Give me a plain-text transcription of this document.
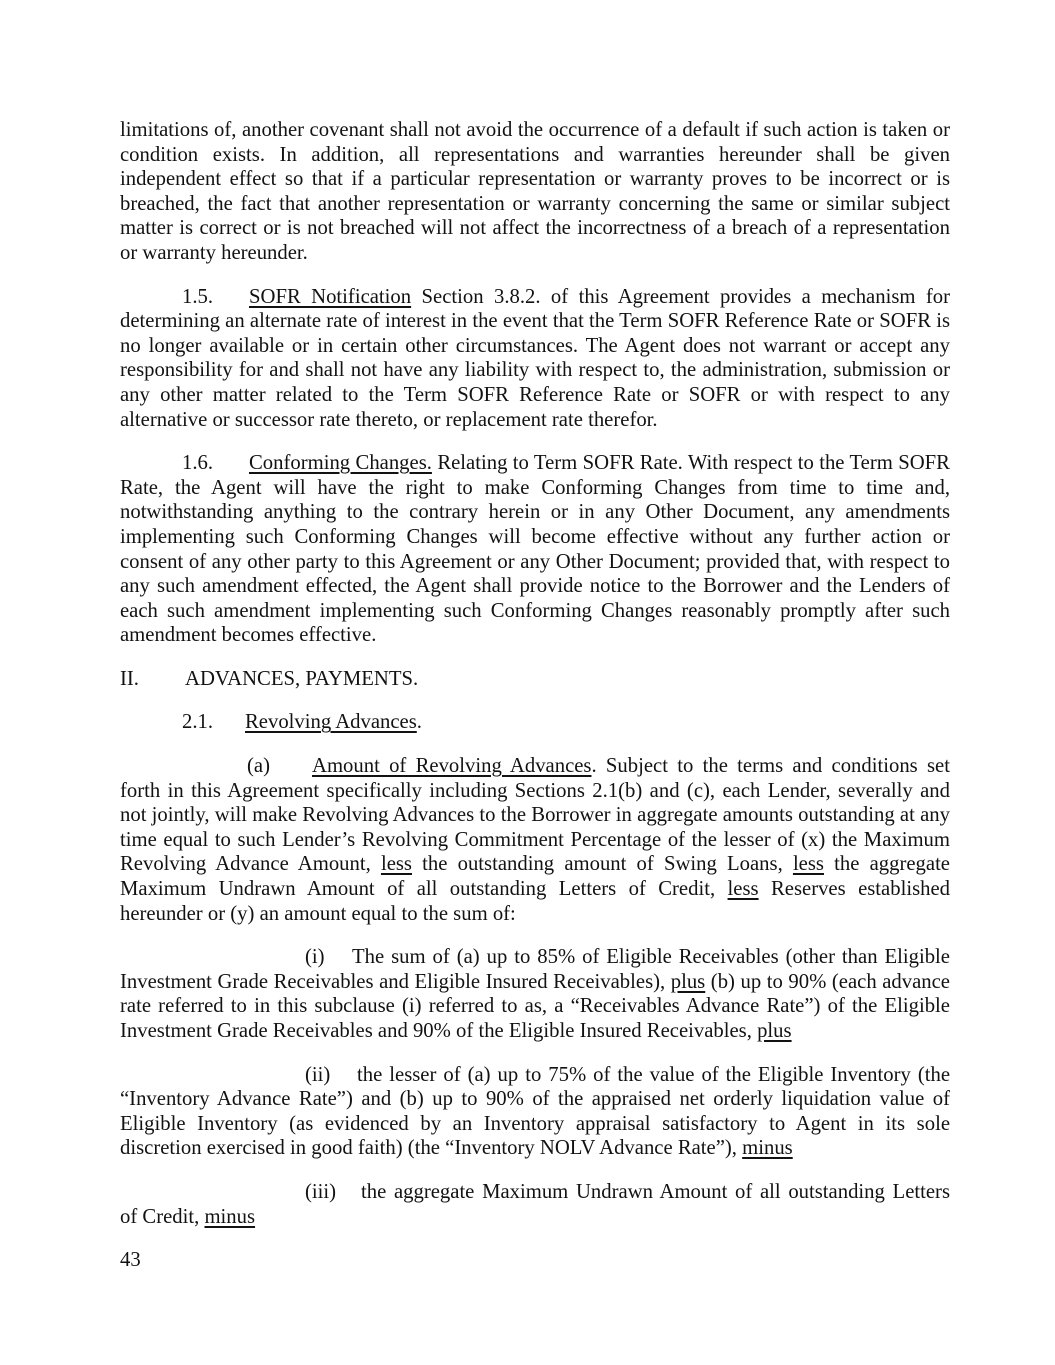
limitations of, another covenant shall not avoid the occurrence of a default if such action is taken or condition exists. In addition, all representations and warranties hereunder shall be given independent effect so that if a particular representation or warranty proves to be incorrect or is breached, the fact that another representation or warranty concerning the same or similar subject matter is correct or is not breached will not affect the incorrectness of a breach of a representation or warranty hereunder.

1.5. SOFR Notification Section 3.8.2. of this Agreement provides a mechanism for determining an alternate rate of interest in the event that the Term SOFR Reference Rate or SOFR is no longer available or in certain other circumstances. The Agent does not warrant or accept any responsibility for and shall not have any liability with respect to, the administration, submission or any other matter related to the Term SOFR Reference Rate or SOFR or with respect to any alternative or successor rate thereto, or replacement rate therefor.

1.6. Conforming Changes. Relating to Term SOFR Rate. With respect to the Term SOFR Rate, the Agent will have the right to make Conforming Changes from time to time and, notwithstanding anything to the contrary herein or in any Other Document, any amendments implementing such Conforming Changes will become effective without any further action or consent of any other party to this Agreement or any Other Document; provided that, with respect to any such amendment effected, the Agent shall provide notice to the Borrower and the Lenders of each such amendment implementing such Conforming Changes reasonably promptly after such amendment becomes effective.

II. ADVANCES, PAYMENTS.

2.1. Revolving Advances.

(a) Amount of Revolving Advances. Subject to the terms and conditions set forth in this Agreement specifically including Sections 2.1(b) and (c), each Lender, severally and not jointly, will make Revolving Advances to the Borrower in aggregate amounts outstanding at any time equal to such Lender’s Revolving Commitment Percentage of the lesser of (x) the Maximum Revolving Advance Amount, less the outstanding amount of Swing Loans, less the aggregate Maximum Undrawn Amount of all outstanding Letters of Credit, less Reserves established hereunder or (y) an amount equal to the sum of:

(i) The sum of (a) up to 85% of Eligible Receivables (other than Eligible Investment Grade Receivables and Eligible Insured Receivables), plus (b) up to 90% (each advance rate referred to in this subclause (i) referred to as, a “Receivables Advance Rate”) of the Eligible Investment Grade Receivables and 90% of the Eligible Insured Receivables, plus

(ii) the lesser of (a) up to 75% of the value of the Eligible Inventory (the “Inventory Advance Rate”) and (b) up to 90% of the appraised net orderly liquidation value of Eligible Inventory (as evidenced by an Inventory appraisal satisfactory to Agent in its sole discretion exercised in good faith) (the “Inventory NOLV Advance Rate”), minus

(iii) the aggregate Maximum Undrawn Amount of all outstanding Letters of Credit, minus

43
